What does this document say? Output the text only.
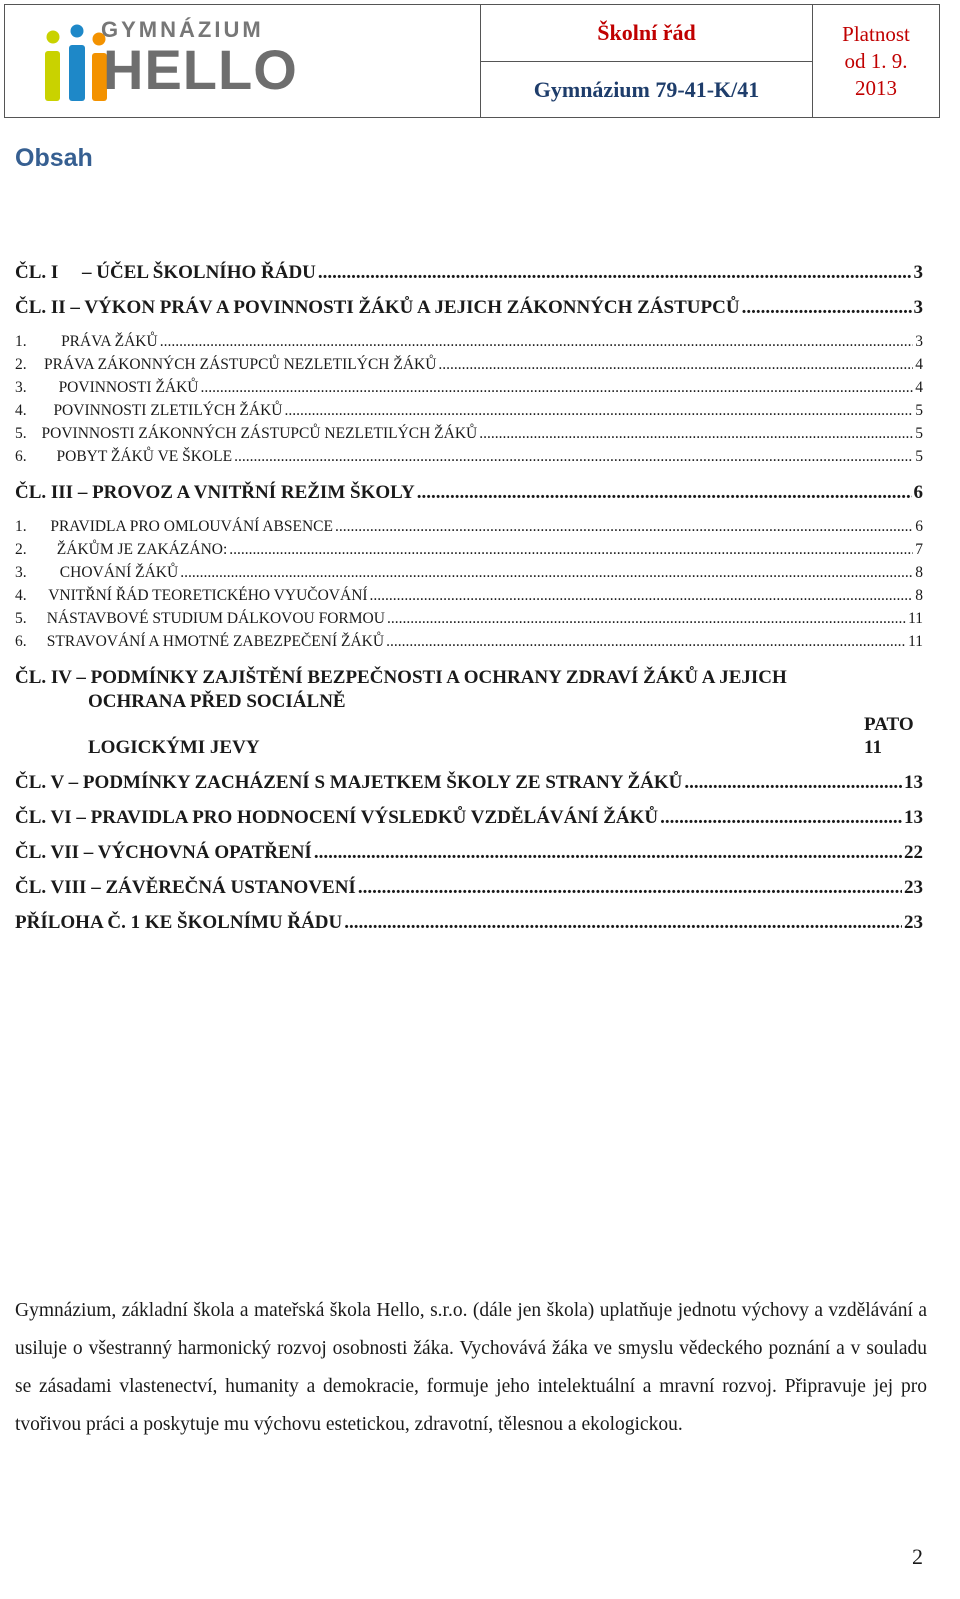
GYMNÁZIUM
HELLO
Školní řád
Gymnázium 79-41-K/41
Platnost
od 1. 9.
2013
Obsah
ČL. I     – ÚČEL ŠKOLNÍHO ŘÁDU .....	3
ČL. II – VÝKON PRÁV A POVINNOSTI ŽÁKŮ A JEJICH ZÁKONNÝCH ZÁSTUPCŮ .....	3
1.	PRÁVA ŽÁKŮ .....	3
2.	PRÁVA ZÁKONNÝCH ZÁSTUPCŮ NEZLETILÝCH ŽÁKŮ .....	4
3.	POVINNOSTI ŽÁKŮ .....	4
4.	POVINNOSTI ZLETILÝCH ŽÁKŮ .....	5
5. POVINNOSTI ZÁKONNÝCH ZÁSTUPCŮ NEZLETILÝCH ŽÁKŮ .....	5
6.	POBYT ŽÁKŮ VE ŠKOLE .....	5
ČL. III – PROVOZ A VNITŘNÍ REŽIM ŠKOLY .....	6
1.	PRAVIDLA PRO OMLOUVÁNÍ ABSENCE .....	6
2.	ŽÁKŮM JE ZAKÁZÁNO: .....	7
3.	CHOVÁNÍ ŽÁKŮ .....	8
4.	VNITŘNÍ ŘÁD TEORETICKÉHO VYUČOVÁNÍ .....	8
5.	NÁSTAVBOVÉ STUDIUM DÁLKOVOU FORMOU .....	11
6.	STRAVOVÁNÍ A HMOTNÉ ZABEZPEČENÍ ŽÁKŮ .....	11
ČL. IV – PODMÍNKY ZAJIŠTĚNÍ BEZPEČNOSTI A OCHRANY ZDRAVÍ ŽÁKŮ A JEJICH
OCHRANA PŘED SOCIÁLNĚ
PATO
LOGICKÝMI JEVY	11
ČL. V – PODMÍNKY ZACHÁZENÍ S MAJETKEM ŠKOLY ZE STRANY ŽÁKŮ .....	13
ČL. VI – PRAVIDLA PRO HODNOCENÍ VÝSLEDKŮ VZDĚLÁVÁNÍ ŽÁKŮ .....	13
ČL. VII – VÝCHOVNÁ OPATŘENÍ .....	22
ČL. VIII – ZÁVĚREČNÁ USTANOVENÍ .....	23
PŘÍLOHA Č. 1 KE ŠKOLNÍMU ŘÁDU .....	23
Gymnázium, základní škola a mateřská škola Hello, s.r.o. (dále jen škola) uplatňuje jednotu výchovy a vzdělávání a usiluje o všestranný harmonický rozvoj osobnosti žáka. Vychovává žáka ve smyslu vědeckého poznání a v souladu se zásadami vlastenectví, humanity a demokracie, formuje jeho intelektuální a mravní rozvoj. Připravuje jej pro tvořivou práci a poskytuje mu výchovu estetickou, zdravotní, tělesnou a ekologickou.
2
